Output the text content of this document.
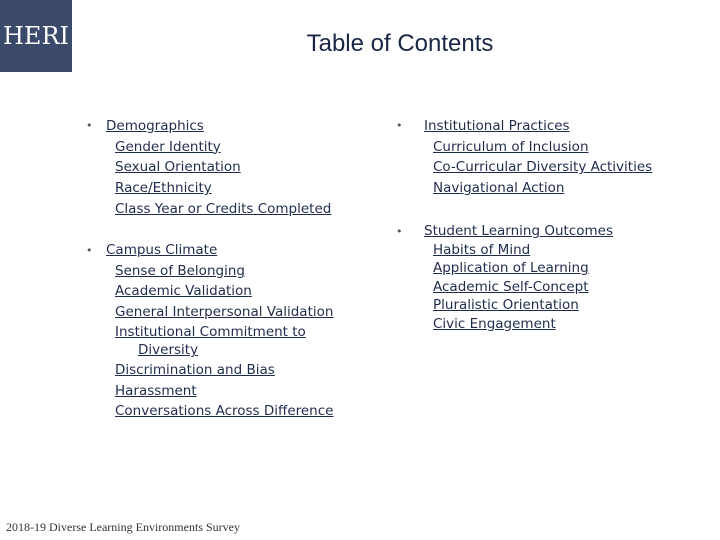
HERI	Table of Contents
• Demographics
Gender Identity
Sexual Orientation
Race/Ethnicity
Class Year or Credits Completed
• Campus Climate
Sense of Belonging
Academic Validation
General Interpersonal Validation
Institutional Commitment to
Diversity
Discrimination and Bias
Harassment
Conversations Across Difference
• Institutional Practices
Curriculum of Inclusion
Co-Curricular Diversity Activities
Navigational Action
• Student Learning Outcomes
Habits of Mind
Application of Learning
Academic Self-Concept
Pluralistic Orientation
Civic Engagement
2018-19 Diverse Learning Environments Survey
